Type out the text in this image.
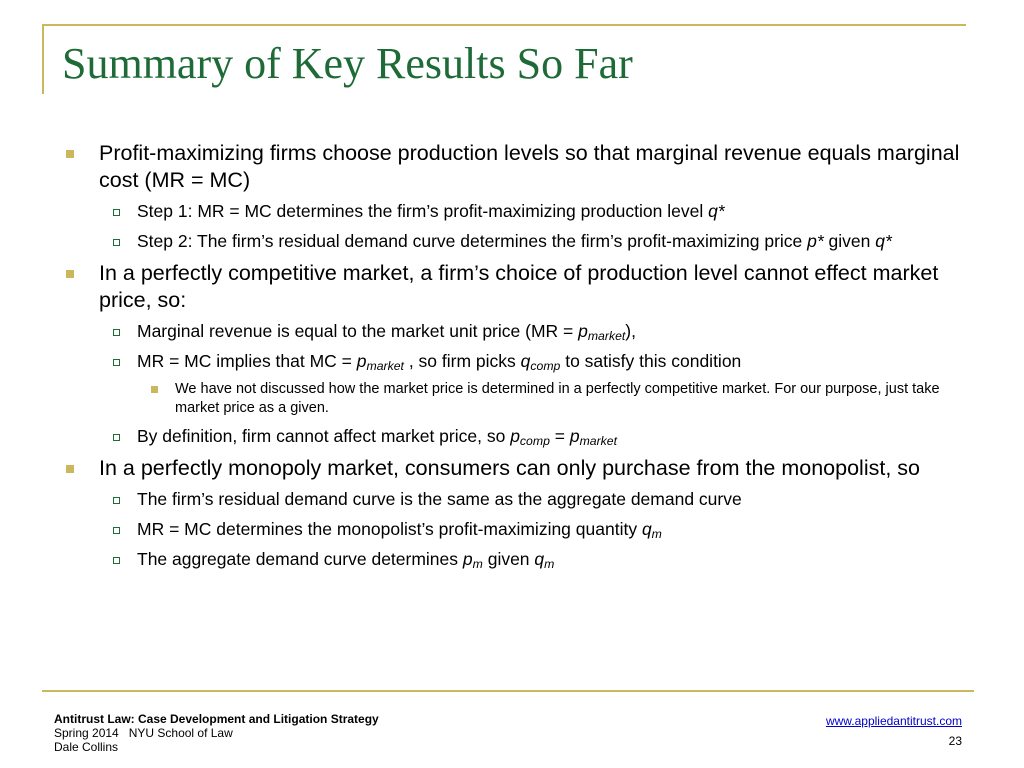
Summary of Key Results So Far
Profit-maximizing firms choose production levels so that marginal revenue equals marginal cost (MR = MC)
Step 1: MR = MC determines the firm’s profit-maximizing production level q*
Step 2: The firm’s residual demand curve determines the firm’s profit-maximizing price p* given q*
In a perfectly competitive market, a firm’s choice of production level cannot effect market price, so:
Marginal revenue is equal to the market unit price $(MR = p_{market})$,
MR = MC implies that MC = $p_{market}$ , so firm picks $q_{comp}$ to satisfy this condition
We have not discussed how the market price is determined in a perfectly competitive market. For our purpose, just take market price as a given.
By definition, firm cannot affect market price, so $p_{comp} = p_{market}$
In a perfectly monopoly market, consumers can only purchase from the monopolist, so
The firm’s residual demand curve is the same as the aggregate demand curve
MR = MC determines the monopolist’s profit-maximizing quantity $q_m$
The aggregate demand curve determines $p_m$ given $q_m$
Antitrust Law: Case Development and Litigation Strategy
Spring 2014   NYU School of Law
Dale Collins
www.appliedantitrust.com
23
